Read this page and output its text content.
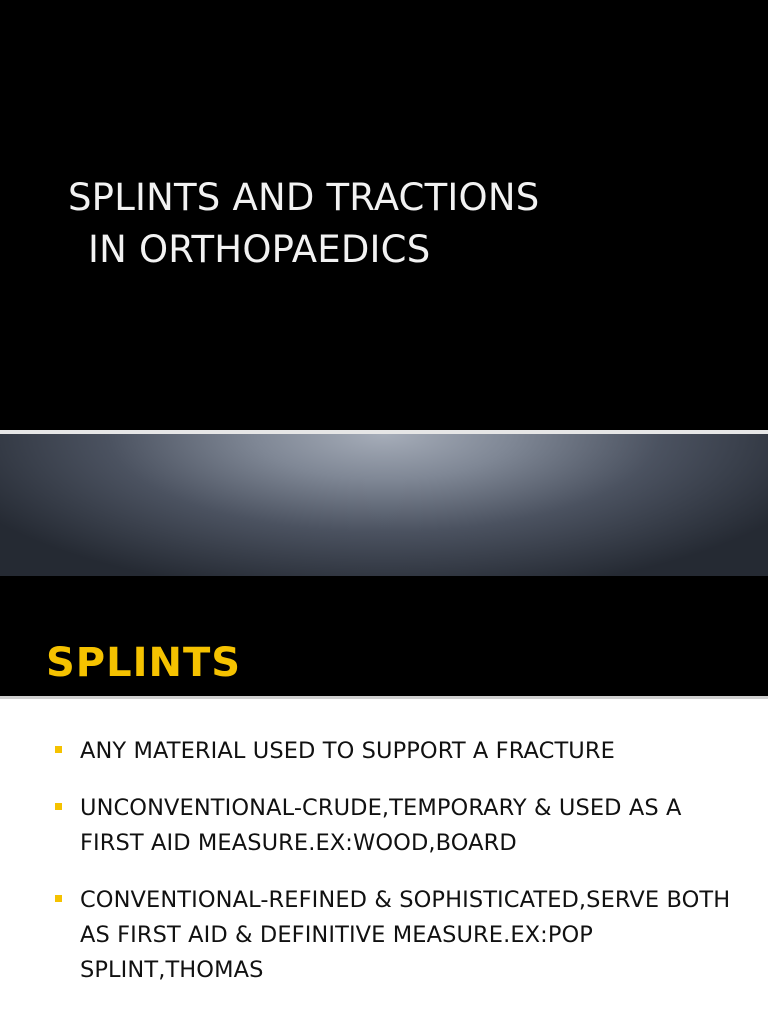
SPLINTS AND TRACTIONS
IN ORTHOPAEDICS
SPLINTS
ANY MATERIAL USED TO SUPPORT A FRACTURE
UNCONVENTIONAL-CRUDE,TEMPORARY & USED AS A FIRST AID MEASURE.EX:WOOD,BOARD
CONVENTIONAL-REFINED & SOPHISTICATED,SERVE BOTH AS FIRST AID & DEFINITIVE MEASURE.EX:POP SPLINT,THOMAS
